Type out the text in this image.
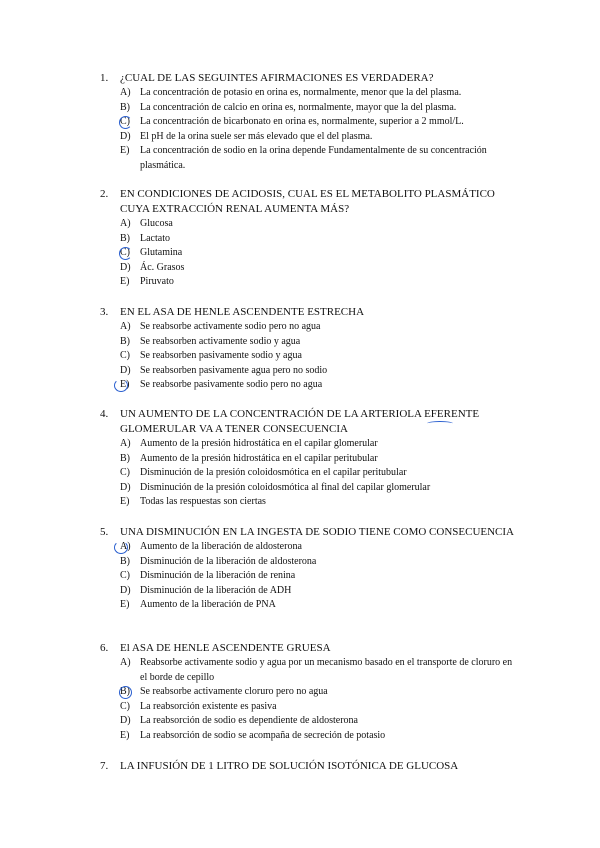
1.	¿CUAL DE LAS SEGUINTES AFIRMACIONES ES VERDADERA?
A) La concentración de potasio en orina es, normalmente, menor que la del plasma.
B)	La concentración de calcio en orina es, normalmente, mayor que la del plasma.
C)	La concentración de bicarbonato en orina es, normalmente, superior a 2 mmol/L.
D) El pH de la orina suele ser más elevado que el del plasma.
E)	La concentración de sodio en la orina depende Fundamentalmente de su concentración plasmática.
2.	EN CONDICIONES DE ACIDOSIS, CUAL ES EL METABOLITO PLASMÁTICO CUYA EXTRACCIÓN RENAL AUMENTA MÁS?
A) Glucosa
B)	Lactato
C)	Glutamina
D) Ác. Grasos
E)	Piruvato
3.	EN EL ASA DE HENLE ASCENDENTE ESTRECHA
A) Se reabsorbe activamente sodio pero no agua
B)	Se reabsorben activamente sodio y agua
C)	Se reabsorben pasivamente sodio y agua
D) Se reabsorben pasivamente agua pero no sodio
E)	Se reabsorbe pasivamente sodio pero no agua
4.	UN AUMENTO DE LA CONCENTRACIÓN DE LA ARTERIOLA EFERENTE GLOMERULAR VA A TENER CONSECUENCIA
A) Aumento de la presión hidrostática en el capilar glomerular
B)	Aumento de la presión hidrostática en el capilar peritubular
C)	Disminución de la presión coloidosmótica en el capilar peritubular
D) Disminución de la presión coloidosmótica al final del capilar glomerular
E)	Todas las respuestas son ciertas
5.	UNA DISMINUCIÓN EN LA INGESTA DE SODIO TIENE COMO CONSECUENCIA
A) Aumento de la liberación de aldosterona
B)	Disminución de la liberación de aldosterona
C)	Disminución de la liberación de renina
D) Disminución de la liberación de ADH
E)	Aumento de la liberación de PNA
6.	El ASA DE HENLE ASCENDENTE GRUESA
A) Reabsorbe activamente sodio y agua por un mecanismo basado en el transporte de cloruro en el borde de cepillo
B)	Se reabsorbe activamente cloruro pero no agua
C)	La reabsorción existente es pasiva
D) La reabsorción de sodio es dependiente de aldosterona
E)	La reabsorción de sodio se acompaña de secreción de potasio
7.	LA INFUSIÓN DE 1 LITRO DE SOLUCIÓN ISOTÓNICA DE GLUCOSA
